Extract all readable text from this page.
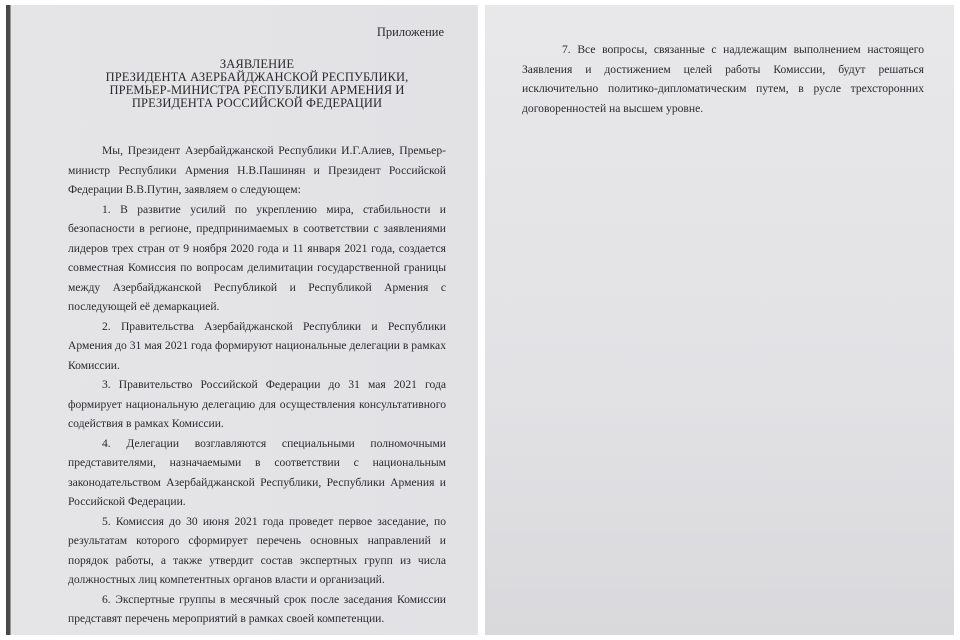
Приложение
ЗАЯВЛЕНИЕ
ПРЕЗИДЕНТА АЗЕРБАЙДЖАНСКОЙ РЕСПУБЛИКИ,
ПРЕМЬЕР-МИНИСТРА РЕСПУБЛИКИ АРМЕНИЯ И
ПРЕЗИДЕНТА РОССИЙСКОЙ ФЕДЕРАЦИИ

Мы, Президент Азербайджанской Республики И.Г.Алиев, Премьер-министр Республики Армения Н.В.Пашинян и Президент Российской Федерации В.В.Путин, заявляем о следующем:

1. В развитие усилий по укреплению мира, стабильности и безопасности в регионе, предпринимаемых в соответствии с заявлениями лидеров трех стран от 9 ноября 2020 года и 11 января 2021 года, создается совместная Комиссия по вопросам делимитации государственной границы между Азербайджанской Республикой и Республикой Армения с последующей её демаркацией.

2. Правительства Азербайджанской Республики и Республики Армения до 31 мая 2021 года формируют национальные делегации в рамках Комиссии.

3. Правительство Российской Федерации до 31 мая 2021 года формирует национальную делегацию для осуществления консультативного содействия в рамках Комиссии.

4. Делегации возглавляются специальными полномочными представителями, назначаемыми в соответствии с национальным законодательством Азербайджанской Республики, Республики Армения и Российской Федерации.

5. Комиссия до 30 июня 2021 года проведет первое заседание, по результатам которого сформирует перечень основных направлений и порядок работы, а также утвердит состав экспертных групп из числа должностных лиц компетентных органов власти и организаций.

6. Экспертные группы в месячный срок после заседания Комиссии представят перечень мероприятий в рамках своей компетенции.

7. Все вопросы, связанные с надлежащим выполнением настоящего Заявления и достижением целей работы Комиссии, будут решаться исключительно политико-дипломатическим путем, в русле трехсторонних договоренностей на высшем уровне.
